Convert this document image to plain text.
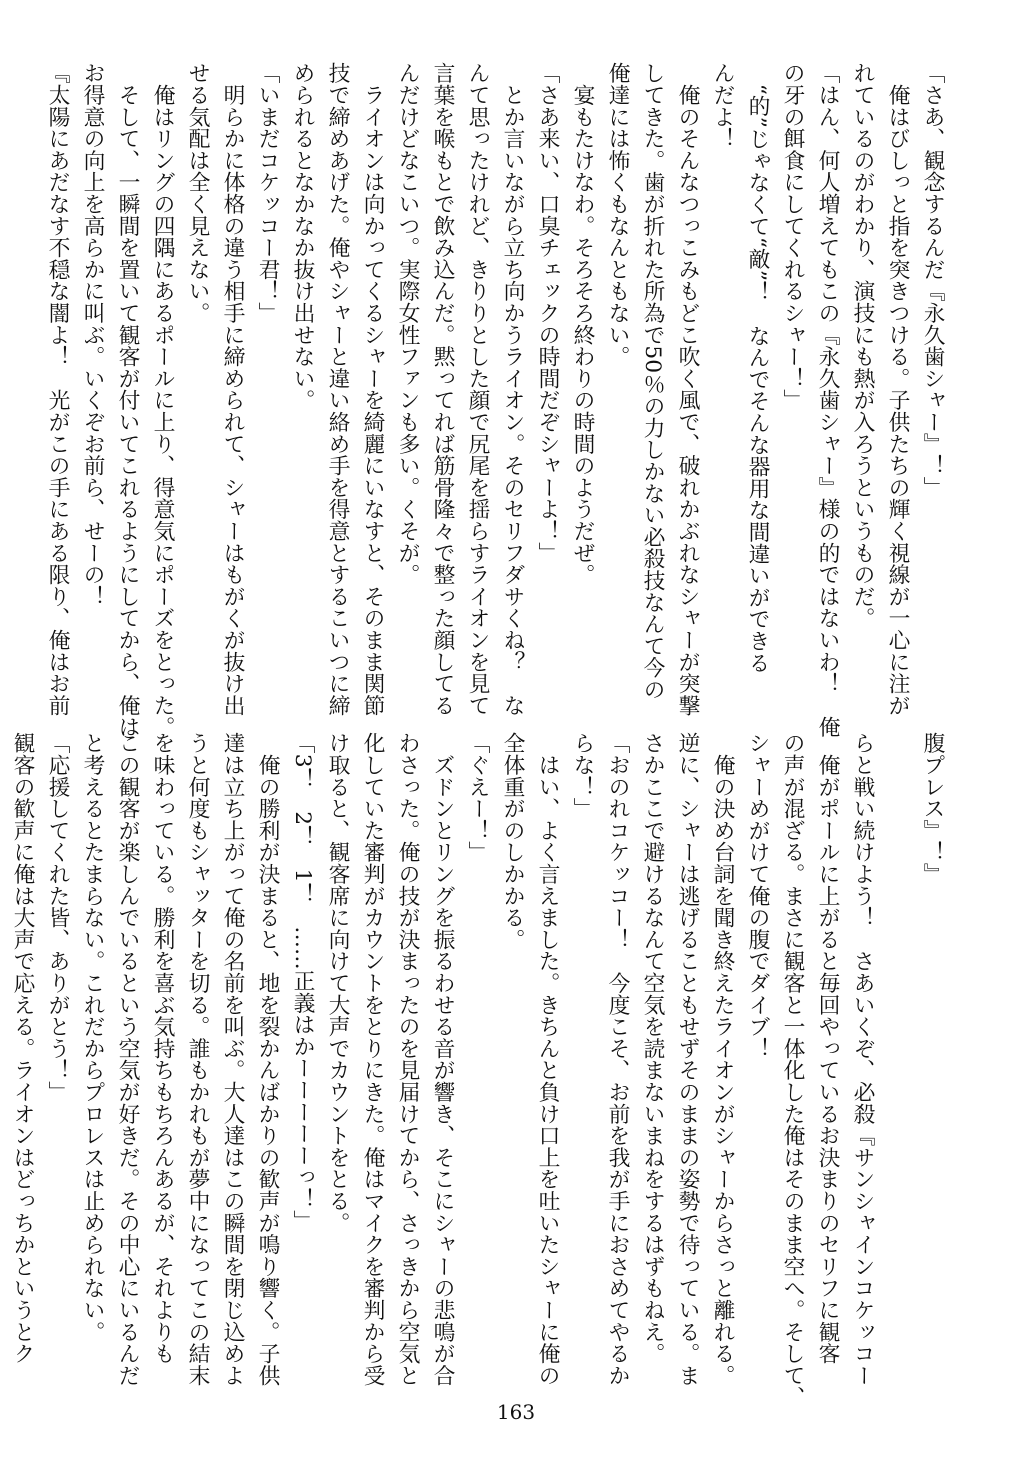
「さあ、観念するんだ『永久歯シャー』！」
　俺はびしっと指を突きつける。子供たちの輝く視線が一心に注が
れているのがわかり、演技にも熱が入ろうというものだ。
「はん、何人増えてもこの『永久歯シャー』様の的ではないわ！　俺
の牙の餌食にしてくれるシャー！」
　“的”じゃなくて“敵”！　なんでそんな器用な間違いができる
んだよ！
　俺のそんなつっこみもどこ吹く風で、破れかぶれなシャーが突撃
してきた。歯が折れた所為で50％の力しかない必殺技なんて今の
俺達には怖くもなんともない。
　宴もたけなわ。そろそろ終わりの時間のようだぜ。
「さあ来い、口臭チェックの時間だぞシャーよ！」
　とか言いながら立ち向かうライオン。そのセリフダサくね？　な
んて思ったけれど、きりりとした顔で尻尾を揺らすライオンを見て
言葉を喉もとで飲み込んだ。黙ってれば筋骨隆々で整った顔してる
んだけどなこいつ。実際女性ファンも多い。くそが。
　ライオンは向かってくるシャーを綺麗にいなすと、そのまま関節
技で締めあげた。俺やシャーと違い絡め手を得意とするこいつに締
められるとなかなか抜け出せない。
「いまだコケッコー君！」
　明らかに体格の違う相手に締められて、シャーはもがくが抜け出
せる気配は全く見えない。
　俺はリングの四隅にあるポールに上り、得意気にポーズをとった。
　そして、一瞬間を置いて観客が付いてこれるようにしてから、俺は
お得意の向上を高らかに叫ぶ。いくぞお前ら、せーの！
『太陽にあだなす不穏な闇よ！　光がこの手にある限り、俺はお前
腹プレス』！』

らと戦い続けよう！　さあいくぞ、必殺『サンシャインコケッコー
　俺がポールに上がると毎回やっているお決まりのセリフに観客
の声が混ざる。まさに観客と一体化した俺はそのまま空へ。そして、
シャーめがけて俺の腹でダイブ！
　俺の決め台詞を聞き終えたライオンがシャーからさっと離れる。
逆に、シャーは逃げることもせずそのままの姿勢で待っている。ま
さかここで避けるなんて空気を読まないまねをするはずもねえ。
「おのれコケッコー！　今度こそ、お前を我が手におさめてやるか
らな！」
　はい、よく言えました。きちんと負け口上を吐いたシャーに俺の
全体重がのしかかる。
「ぐえー！」
　ズドンとリングを振るわせる音が響き、そこにシャーの悲鳴が合
わさった。俺の技が決まったのを見届けてから、さっきから空気と
化していた審判がカウントをとりにきた。俺はマイクを審判から受
け取ると、観客席に向けて大声でカウントをとる。
「3！　2！　1！　……正義はかーーーーーっ！」
　俺の勝利が決まると、地を裂かんばかりの歓声が鳴り響く。子供
達は立ち上がって俺の名前を叫ぶ。大人達はこの瞬間を閉じ込めよ
うと何度もシャッターを切る。誰もかれもが夢中になってこの結末
を味わっている。勝利を喜ぶ気持ちもちろんあるが、それよりも
この観客が楽しんでいるという空気が好きだ。その中心にいるんだ
と考えるとたまらない。これだからプロレスは止められない。
「応援してくれた皆、ありがとう！」
観客の歓声に俺は大声で応える。ライオンはどっちかというとク
163
